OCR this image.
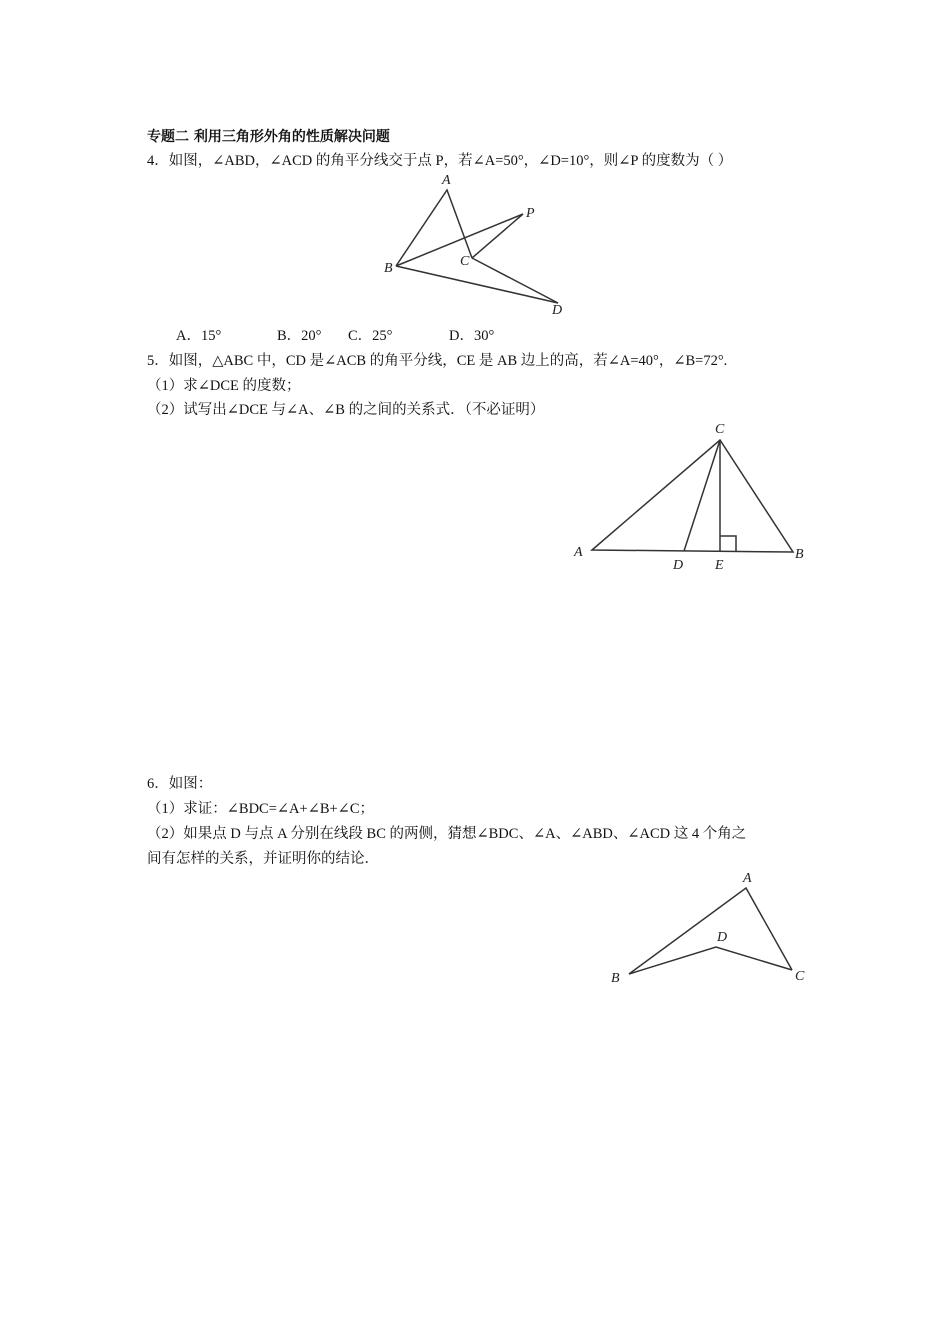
专题二 利用三角形外角的性质解决问题
4．如图，∠ABD，∠ACD 的角平分线交于点 P，若∠A=50°，∠D=10°，则∠P 的度数为（ ）
A
B	C
D
P
A．15°	B．20° C．25°	D．30°
5．如图，△ABC 中，CD 是∠ACB 的角平分线，CE 是 AB 边上的高，若∠A=40°，∠B=72°.
（1）求∠DCE 的度数；
（2）试写出∠DCE 与∠A、∠B 的之间的关系式．（不必证明）
C
A
D E
B
6．如图：
（1）求证：∠BDC=∠A+∠B+∠C；
（2）如果点 D 与点 A 分别在线段 BC 的两侧，猜想∠BDC、∠A、∠ABD、∠ACD 这 4 个角之
间有怎样的关系，并证明你的结论．
A
D
B	C
